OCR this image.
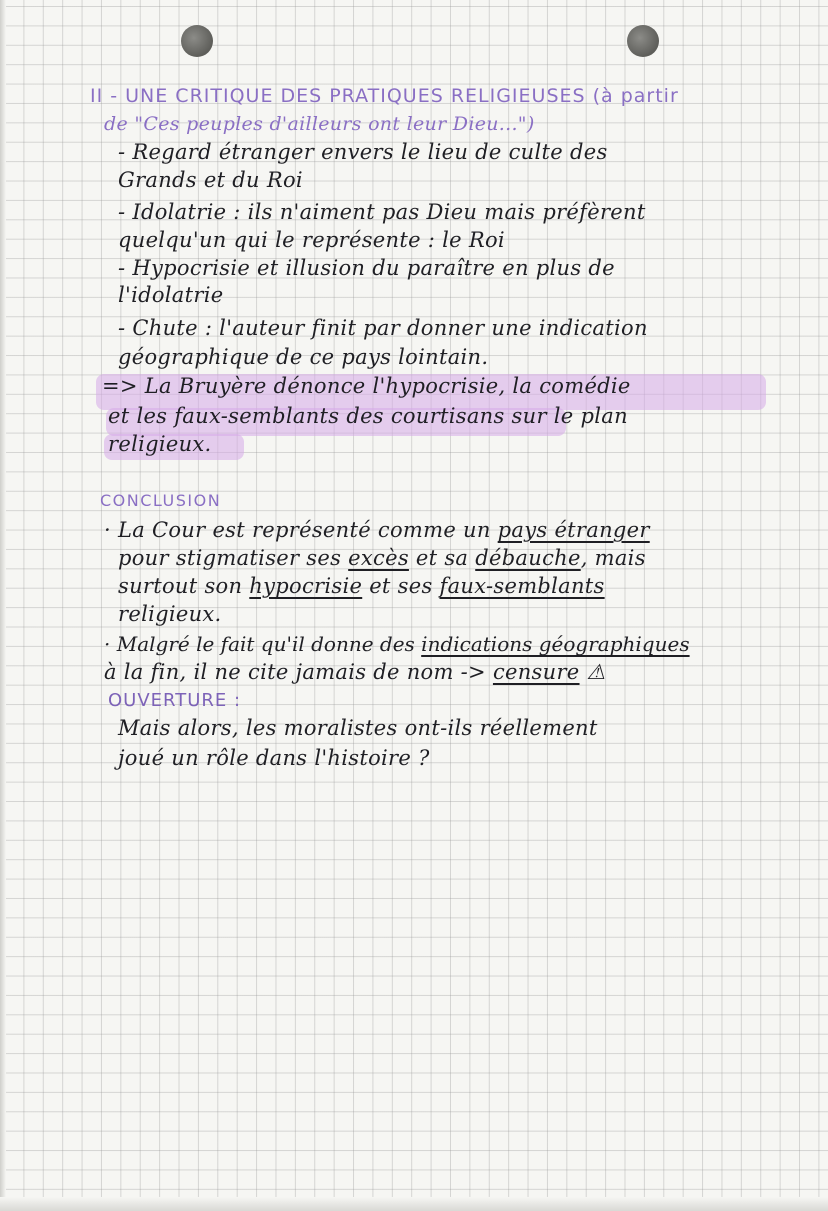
II - UNE CRITIQUE DES PRATIQUES RELIGIEUSES (à partir
de "Ces peuples d'ailleurs ont leur Dieu...")
- Regard étranger envers le lieu de culte des
Grands et du Roi
- Idolatrie : ils n'aiment pas Dieu mais préfèrent
quelqu'un qui le représente : le Roi
- Hypocrisie et illusion du paraître en plus de
l'idolatrie
- Chute : l'auteur finit par donner une indication
géographique de ce pays lointain.
=> La Bruyère dénonce l'hypocrisie, la comédie
et les faux-semblants des courtisans sur le plan
religieux.
CONCLUSION
· La Cour est représenté comme un pays étranger
pour stigmatiser ses excès et sa débauche, mais
surtout son hypocrisie et ses faux-semblants
religieux.
· Malgré le fait qu'il donne des indications géographiques
à la fin, il ne cite jamais de nom -> censure ⚠
OUVERTURE :
Mais alors, les moralistes ont-ils réellement
joué un rôle dans l'histoire ?
